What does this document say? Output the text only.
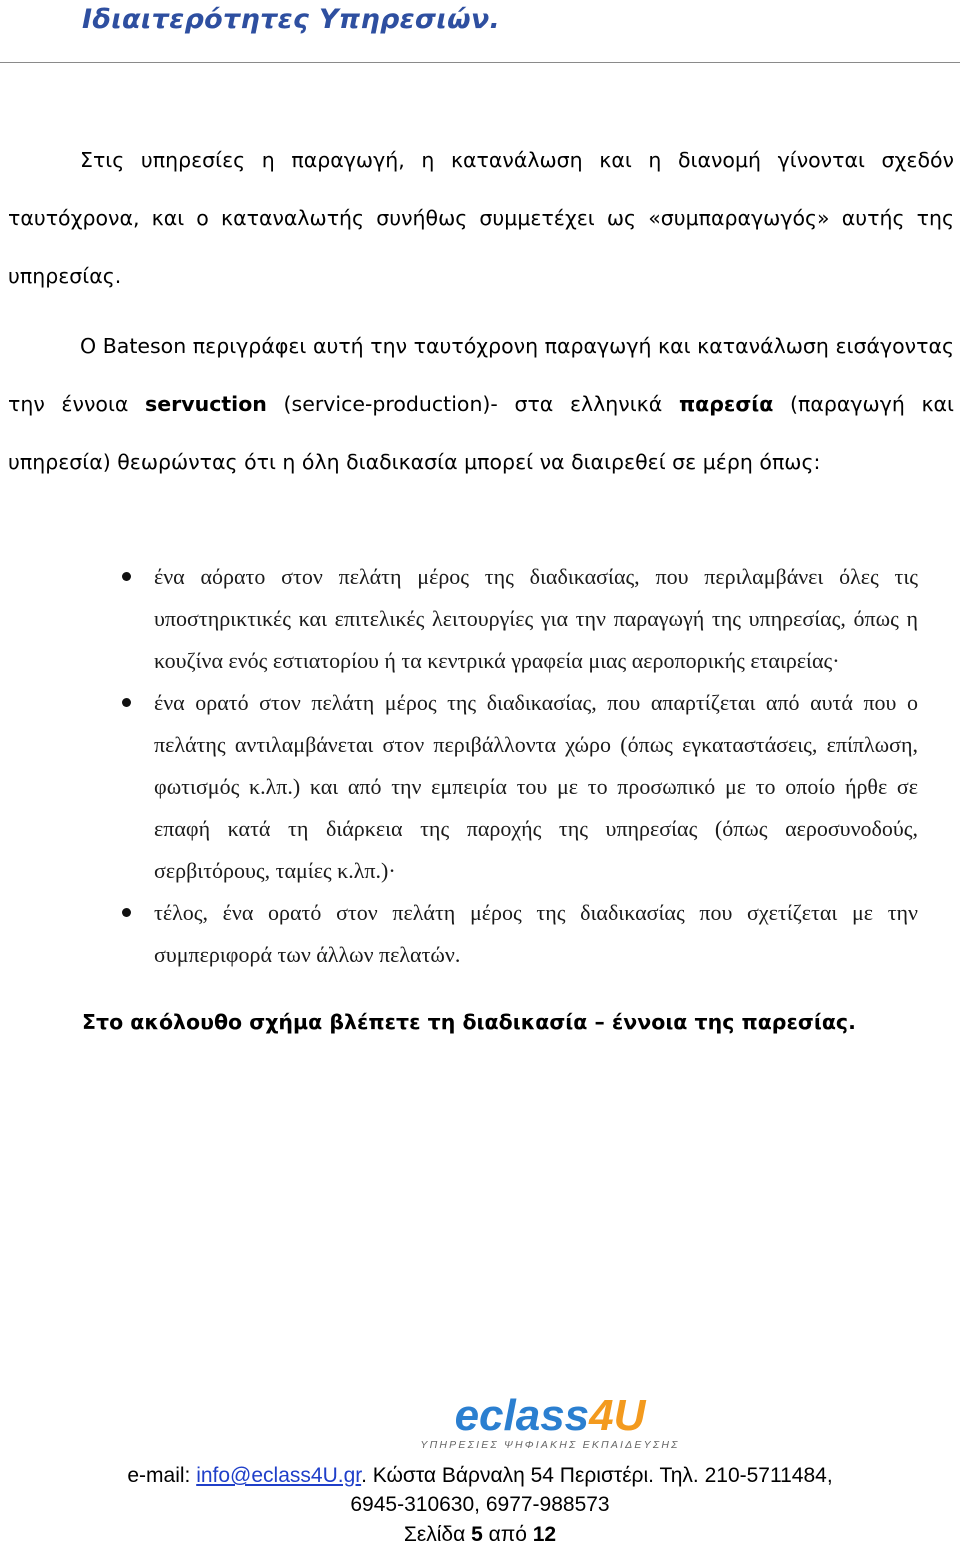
Ιδιαιτερότητες Υπηρεσιών.

Στις υπηρεσίες η παραγωγή, η κατανάλωση και η διανομή γίνονται σχεδόν ταυτόχρονα, και ο καταναλωτής συνήθως συμμετέχει ως «συμπαραγωγός» αυτής της υπηρεσίας.

Ο Bateson περιγράφει αυτή την ταυτόχρονη παραγωγή και κατανάλωση εισάγοντας την έννοια servuction (service-production)- στα ελληνικά παρεσία (παραγωγή και υπηρεσία) θεωρώντας ότι η όλη διαδικασία μπορεί να διαιρεθεί σε μέρη όπως:

ένα αόρατο στον πελάτη μέρος της διαδικασίας, που περιλαμβάνει όλες τις υποστηρικτικές και επιτελικές λειτουργίες για την παραγωγή της υπηρεσίας, όπως η κουζίνα ενός εστιατορίου ή τα κεντρικά γραφεία μιας αεροπορικής εταιρείας·
ένα ορατό στον πελάτη μέρος της διαδικασίας, που απαρτίζεται από αυτά που ο πελάτης αντιλαμβάνεται στον περιβάλλοντα χώρο (όπως εγκαταστάσεις, επίπλωση, φωτισμός κ.λπ.) και από την εμπειρία του με το προσωπικό με το οποίο ήρθε σε επαφή κατά τη διάρκεια της παροχής της υπηρεσίας (όπως αεροσυνοδούς, σερβιτόρους, ταμίες κ.λπ.)·
τέλος, ένα ορατό στον πελάτη μέρος της διαδικασίας που σχετίζεται με την συμπεριφορά των άλλων πελατών.

Στο ακόλουθο σχήμα βλέπετε τη διαδικασία – έννοια της παρεσίας.

eclass4U
ΥΠΗΡΕΣΙΕΣ ΨΗΦΙΑΚΗΣ ΕΚΠΑΙΔΕΥΣΗΣ

e-mail: info@eclass4U.gr. Κώστα Βάρναλη 54 Περιστέρι. Τηλ. 210-5711484,

6945-310630, 6977-988573

Σελίδα 5 από 12
